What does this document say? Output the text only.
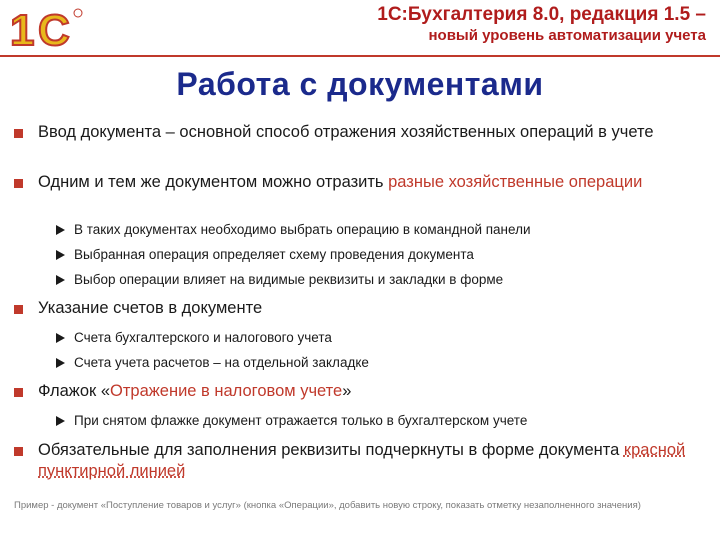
1 С	1С:Бухгалтерия 8.0, редакция 1.5 –
новый уровень автоматизации учета
Работа с документами
Ввод документа – основной способ отражения хозяйственных операций в учете
Одним и тем же документом можно отразить разные хозяйственные операции
В таких документах необходимо выбрать операцию в командной панели
Выбранная операция определяет схему проведения документа
Выбор операции влияет на видимые реквизиты и закладки в форме
Указание счетов в документе
Счета бухгалтерского и налогового учета
Счета учета расчетов – на отдельной закладке
Флажок «Отражение в налоговом учете»
При снятом флажке документ отражается только в бухгалтерском учете
Обязательные для заполнения реквизиты подчеркнуты в форме документа красной пунктирной линией
Пример - документ «Поступление товаров и услуг» (кнопка «Операции», добавить новую строку, показать отметку незаполненного значения)
